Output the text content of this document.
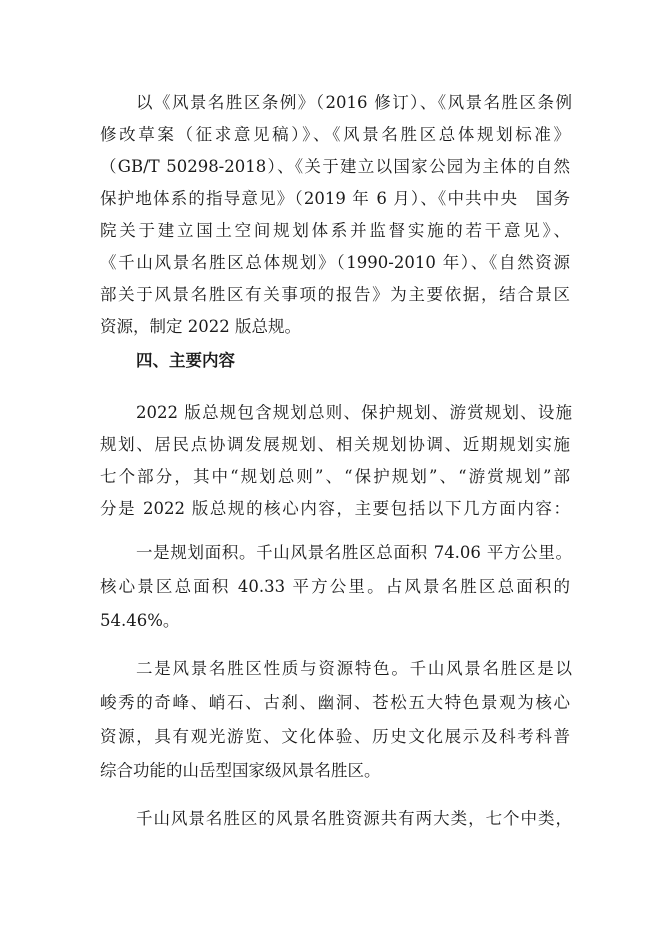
以《风景名胜区条例》（2016 修订）、《风景名胜区条例
修改草案（征求意见稿）》、《风景名胜区总体规划标准》
（GB/T 50298-2018）、《关于建立以国家公园为主体的自然
保护地体系的指导意见》（2019 年 6 月）、《中共中央　国务
院关于建立国土空间规划体系并监督实施的若干意见》、
《千山风景名胜区总体规划》（1990-2010 年）、《自然资源
部关于风景名胜区有关事项的报告》为主要依据，结合景区
资源，制定 2022 版总规。
四、主要内容
2022 版总规包含规划总则、保护规划、游赏规划、设施
规划、居民点协调发展规划、相关规划协调、近期规划实施
七个部分，其中“规划总则”、“保护规划”、“游赏规划”部
分是 2022 版总规的核心内容，主要包括以下几方面内容：
一是规划面积。千山风景名胜区总面积 74.06 平方公里。
核心景区总面积 40.33 平方公里。占风景名胜区总面积的
54.46%。
二是风景名胜区性质与资源特色。千山风景名胜区是以
峻秀的奇峰、峭石、古刹、幽洞、苍松五大特色景观为核心
资源，具有观光游览、文化体验、历史文化展示及科考科普
综合功能的山岳型国家级风景名胜区。
千山风景名胜区的风景名胜资源共有两大类，七个中类，
